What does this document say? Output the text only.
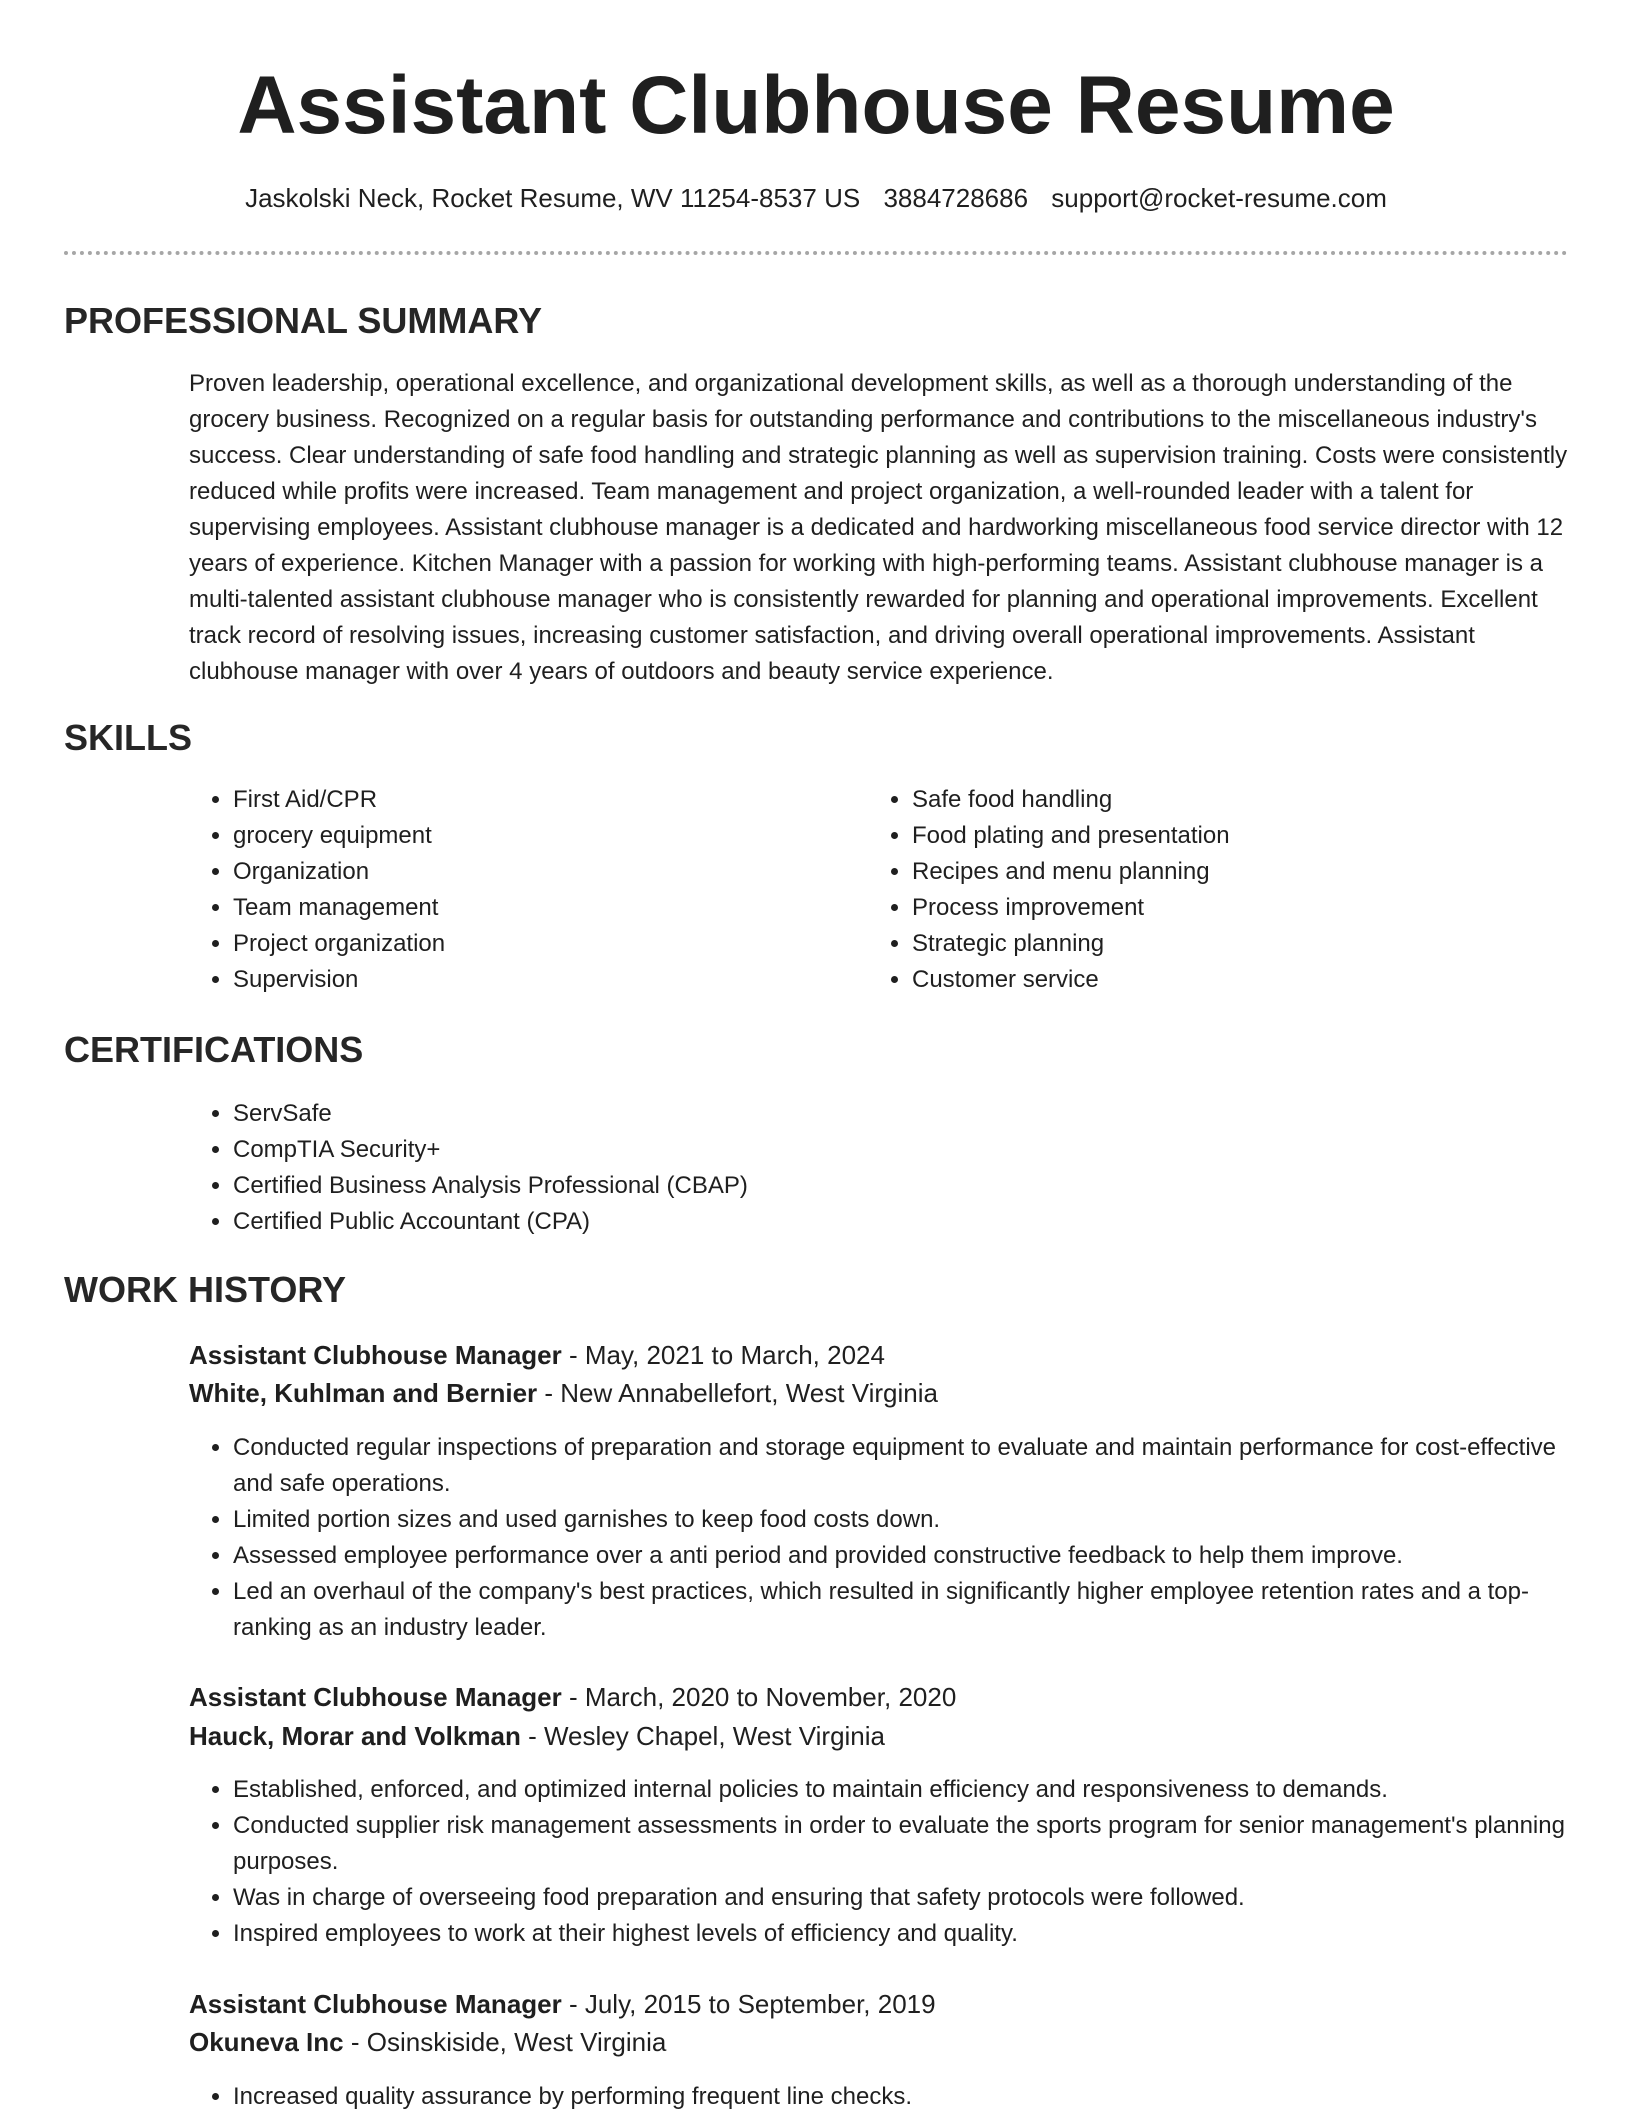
Assistant Clubhouse Resume
Jaskolski Neck, Rocket Resume, WV 11254-8537 US 3884728686 support@rocket-resume.com
PROFESSIONAL SUMMARY

Proven leadership, operational excellence, and organizational development skills, as well as a thorough understanding of the grocery business. Recognized on a regular basis for outstanding performance and contributions to the miscellaneous industry's success. Clear understanding of safe food handling and strategic planning as well as supervision training. Costs were consistently reduced while profits were increased. Team management and project organization, a well-rounded leader with a talent for supervising employees. Assistant clubhouse manager is a dedicated and hardworking miscellaneous food service director with 12 years of experience. Kitchen Manager with a passion for working with high-performing teams. Assistant clubhouse manager is a multi-talented assistant clubhouse manager who is consistently rewarded for planning and operational improvements. Excellent track record of resolving issues, increasing customer satisfaction, and driving overall operational improvements. Assistant clubhouse manager with over 4 years of outdoors and beauty service experience.

SKILLS
• First Aid/CPR
• grocery equipment
• Organization
• Team management
• Project organization
• Supervision
• Safe food handling
• Food plating and presentation
• Recipes and menu planning
• Process improvement
• Strategic planning
• Customer service
CERTIFICATIONS
• ServSafe
• CompTIA Security+
• Certified Business Analysis Professional (CBAP)
• Certified Public Accountant (CPA)
WORK HISTORY
Assistant Clubhouse Manager - May, 2021 to March, 2024
White, Kuhlman and Bernier - New Annabellefort, West Virginia
• Conducted regular inspections of preparation and storage equipment to evaluate and maintain performance for cost-effective and safe operations.
• Limited portion sizes and used garnishes to keep food costs down.
• Assessed employee performance over a anti period and provided constructive feedback to help them improve.
• Led an overhaul of the company's best practices, which resulted in significantly higher employee retention rates and a top-ranking as an industry leader.
Assistant Clubhouse Manager - March, 2020 to November, 2020
Hauck, Morar and Volkman - Wesley Chapel, West Virginia
• Established, enforced, and optimized internal policies to maintain efficiency and responsiveness to demands.
• Conducted supplier risk management assessments in order to evaluate the sports program for senior management's planning purposes.
• Was in charge of overseeing food preparation and ensuring that safety protocols were followed.
• Inspired employees to work at their highest levels of efficiency and quality.
Assistant Clubhouse Manager - July, 2015 to September, 2019
Okuneva Inc - Osinskiside, West Virginia
• Increased quality assurance by performing frequent line checks.
